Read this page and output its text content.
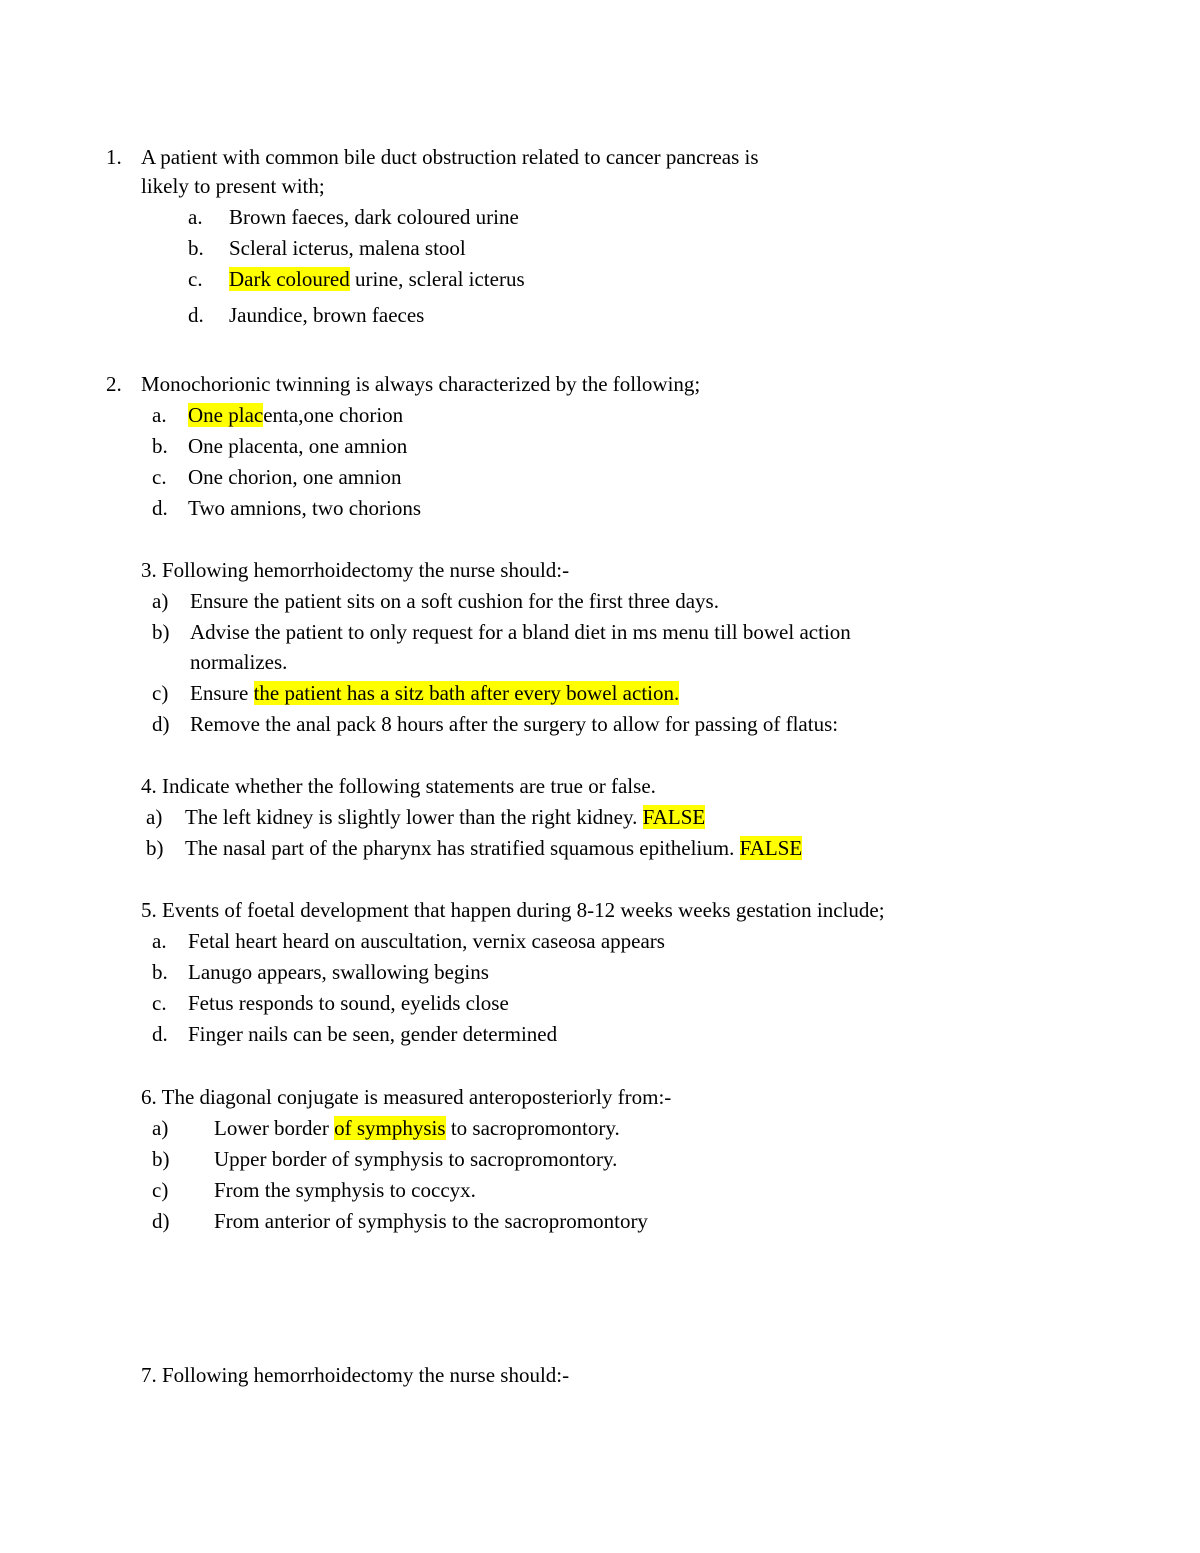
1. A patient with common bile duct obstruction related to cancer pancreas is
likely to present with;
a. Brown faeces, dark coloured urine
b. Scleral icterus, malena stool
c. Dark coloured urine, scleral icterus
d. Jaundice, brown faeces
2. Monochorionic twinning is always characterized by the following;
a. One placenta,one chorion
b. One placenta, one amnion
c. One chorion, one amnion
d. Two amnions, two chorions
3. Following hemorrhoidectomy the nurse should:-
a) Ensure the patient sits on a soft cushion for the first three days.
b) Advise the patient to only request for a bland diet in ms menu till bowel action
normalizes.
c) Ensure the patient has a sitz bath after every bowel action.
d) Remove the anal pack 8 hours after the surgery to allow for passing of flatus:
4. Indicate whether the following statements are true or false.
a) The left kidney is slightly lower than the right kidney. FALSE
b) The nasal part of the pharynx has stratified squamous epithelium. FALSE
5. Events of foetal development that happen during 8-12 weeks weeks gestation include;
a. Fetal heart heard on auscultation, vernix caseosa appears
b. Lanugo appears, swallowing begins
c. Fetus responds to sound, eyelids close
d. Finger nails can be seen, gender determined
6. The diagonal conjugate is measured anteroposteriorly from:-
a) Lower border of symphysis to sacropromontory.
b) Upper border of symphysis to sacropromontory.
c) From the symphysis to coccyx.
d) From anterior of symphysis to the sacropromontory
7. Following hemorrhoidectomy the nurse should:-
